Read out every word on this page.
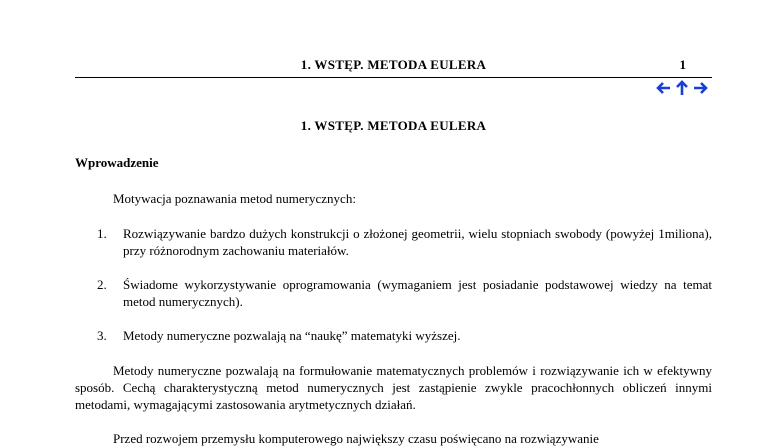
1. WSTĘP. METODA EULERA	1
1. WSTĘP. METODA EULERA
Wprowadzenie
Motywacja poznawania metod numerycznych:
1. Rozwiązywanie bardzo dużych konstrukcji o złożonej geometrii, wielu stopniach swobody (powyżej 1miliona), przy różnorodnym zachowaniu materiałów.
2. Świadome wykorzystywanie oprogramowania (wymaganiem jest posiadanie podstawowej wiedzy na temat metod numerycznych).
3. Metody numeryczne pozwalają na “naukę” matematyki wyższej.
Metody numeryczne pozwalają na formułowanie matematycznych problemów i rozwiązywanie ich w efektywny sposób. Cechą charakterystyczną metod numerycznych jest zastąpienie zwykle pracochłonnych obliczeń innymi metodami, wymagającymi zastosowania arytmetycznych działań.
Przed rozwojem przemysłu komputerowego największy czasu poświęcano na rozwiązywanie
